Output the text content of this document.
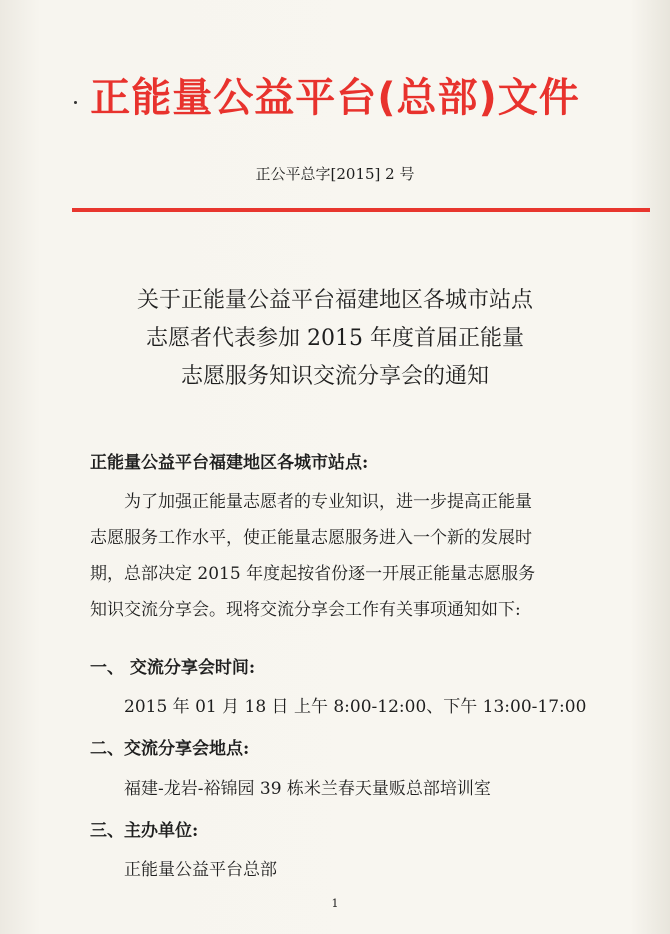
正能量公益平台(总部)文件
正公平总字[2015] 2 号
关于正能量公益平台福建地区各城市站点
志愿者代表参加 2015 年度首届正能量
志愿服务知识交流分享会的通知
正能量公益平台福建地区各城市站点:
为了加强正能量志愿者的专业知识，进一步提高正能量
志愿服务工作水平，使正能量志愿服务进入一个新的发展时
期，总部决定 2015 年度起按省份逐一开展正能量志愿服务
知识交流分享会。现将交流分享会工作有关事项通知如下:
一、 交流分享会时间:
2015 年 01 月 18 日 上午 8:00-12:00、下午 13:00-17:00
二、交流分享会地点:
福建-龙岩-裕锦园 39 栋米兰春天量贩总部培训室
三、主办单位:
正能量公益平台总部
1
